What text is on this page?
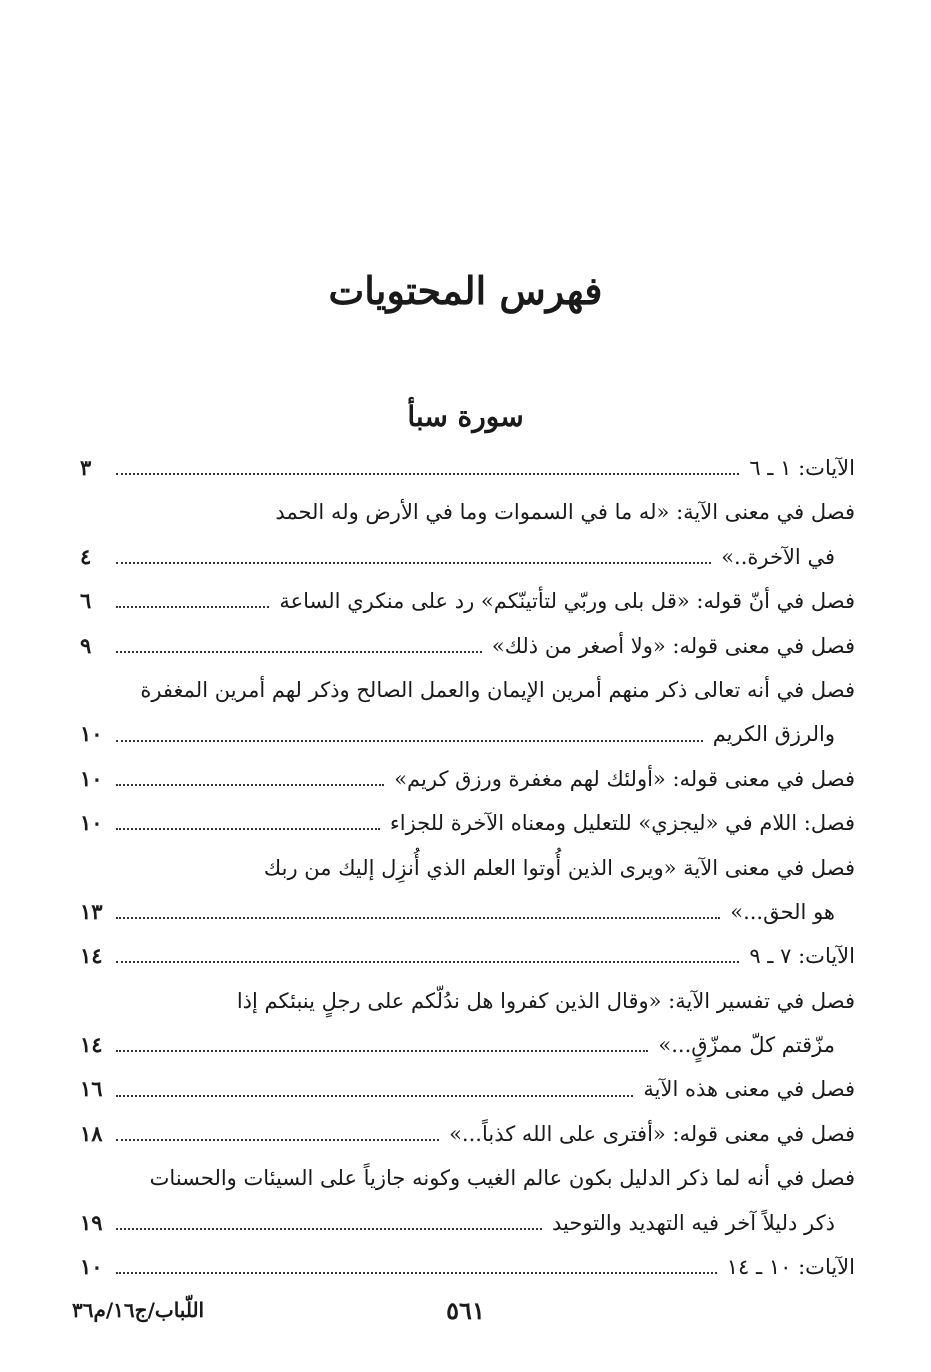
فهرس المحتويات
سورة سبأ
الآيات: ١ ـ ٦
٣
فصل في معنى الآية: «له ما في السموات وما في الأرض وله الحمد
في الآخرة..»
٤
فصل في أنّ قوله: «قل بلى وربّي لتأتينّكم» رد على منكري الساعة
٦
فصل في معنى قوله: «ولا أصغر من ذلك»
٩
فصل في أنه تعالى ذكر منهم أمرين الإيمان والعمل الصالح وذكر لهم أمرين المغفرة
والرزق الكريم
١٠
فصل في معنى قوله: «أولئك لهم مغفرة ورزق كريم»
١٠
فصل: اللام في «ليجزي» للتعليل ومعناه الآخرة للجزاء
١٠
فصل في معنى الآية «ويرى الذين أُوتوا العلم الذي أُنزِل إليك من ربك
هو الحق...»
١٣
الآيات: ٧ ـ ٩
١٤
فصل في تفسير الآية: «وقال الذين كفروا هل ندُلّكم على رجلٍ ينبئكم إذا
مزّقتم كلّ ممزّقٍ...»
١٤
فصل في معنى هذه الآية
١٦
فصل في معنى قوله: «أفترى على الله كذباً...»
١٨
فصل في أنه لما ذكر الدليل بكون عالم الغيب وكونه جازياً على السيئات والحسنات
ذكر دليلاً آخر فيه التهديد والتوحيد
١٩
الآيات: ١٠ ـ ١٤
١٠
اللّباب/ج١٦/م٣٦	٥٦١
